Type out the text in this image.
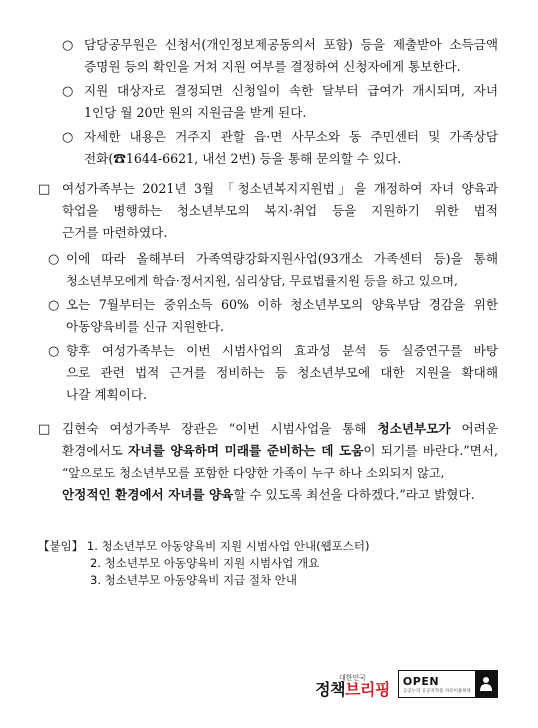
○ 담당공무원은 신청서(개인정보제공동의서 포함) 등을 제출받아 소득금액
증명원 등의 확인을 거쳐 지원 여부를 결정하여 신청자에게 통보한다.
○ 지원 대상자로 결정되면 신청일이 속한 달부터 급여가 개시되며, 자녀
1인당 월 20만 원의 지원금을 받게 된다.
○ 자세한 내용은 거주지 관할 읍·면 사무소와 동 주민센터 및 가족상담
전화(☎1644-6621, 내선 2번) 등을 통해 문의할 수 있다.
□ 여성가족부는 2021년 3월 「청소년복지지원법」을 개정하여 자녀 양육과
학업을 병행하는 청소년부모의 복지·취업 등을 지원하기 위한 법적
근거를 마련하였다.
○ 이에 따라 올해부터 가족역량강화지원사업(93개소 가족센터 등)을 통해
청소년부모에게 학습·정서지원, 심리상담, 무료법률지원 등을 하고 있으며,
○ 오는 7월부터는 중위소득 60% 이하 청소년부모의 양육부담 경감을 위한
아동양육비를 신규 지원한다.
○ 향후 여성가족부는 이번 시범사업의 효과성 분석 등 실증연구를 바탕
으로 관련 법적 근거를 정비하는 등 청소년부모에 대한 지원을 확대해
나갈 계획이다.
□ 김현숙 여성가족부 장관은 “이번 시범사업을 통해 청소년부모가 어려운
환경에서도 자녀를 양육하며 미래를 준비하는 데 도움이 되기를 바란다.”면서,
“앞으로도 청소년부모를 포함한 다양한 가족이 누구 하나 소외되지 않고,
안정적인 환경에서 자녀를 양육할 수 있도록 최선을 다하겠다.”라고 밝혔다.
【붙임】 1. 청소년부모 아동양육비 지원 시범사업 안내(웹포스터)
2. 청소년부모 아동양육비 지원 시범사업 개요
3. 청소년부모 아동양육비 지급 절차 안내
대한민국
정책브리핑 OPEN
공공누리 공공저작물 자유이용허락
